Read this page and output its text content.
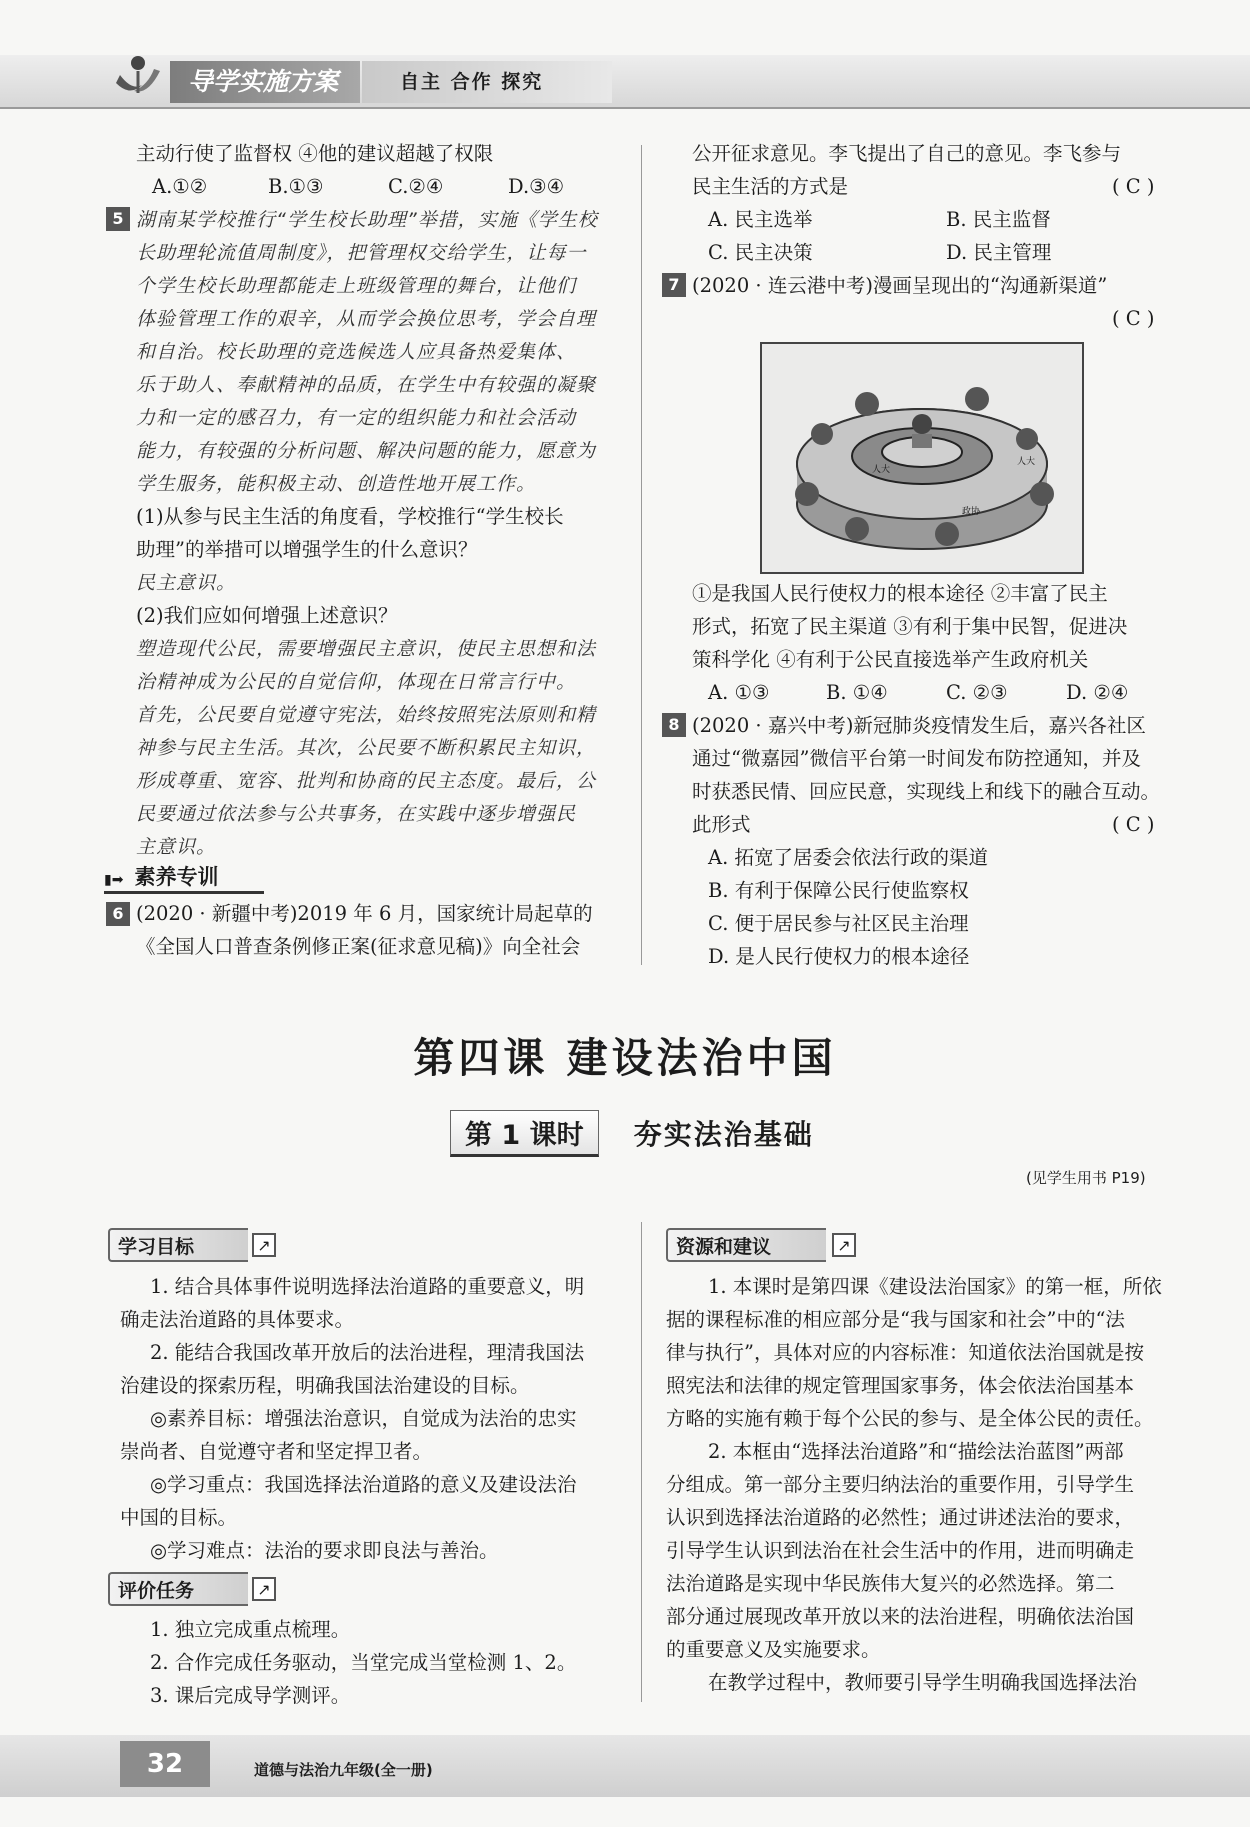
导学实施方案	自主 合作 探究
主动行使了监督权 ④他的建议超越了权限
A.①②	B.①③	C.②④	D.③④
5 湖南某学校推行“学生校长助理”举措，实施《学生校
长助理轮流值周制度》，把管理权交给学生，让每一
个学生校长助理都能走上班级管理的舞台，让他们
体验管理工作的艰辛，从而学会换位思考，学会自理
和自治。校长助理的竞选候选人应具备热爱集体、
乐于助人、奉献精神的品质，在学生中有较强的凝聚
力和一定的感召力，有一定的组织能力和社会活动
能力，有较强的分析问题、解决问题的能力，愿意为
学生服务，能积极主动、创造性地开展工作。
(1)从参与民主生活的角度看，学校推行“学生校长
助理”的举措可以增强学生的什么意识？
民主意识。
(2)我们应如何增强上述意识？
塑造现代公民，需要增强民主意识，使民主思想和法
治精神成为公民的自觉信仰，体现在日常言行中。
首先，公民要自觉遵守宪法，始终按照宪法原则和精
神参与民主生活。其次，公民要不断积累民主知识，
形成尊重、宽容、批判和协商的民主态度。最后，公
民要通过依法参与公共事务，在实践中逐步增强民
主意识。
▮➡ 素养专训
6 (2020 · 新疆中考)2019 年 6 月，国家统计局起草的
《全国人口普查条例修正案(征求意见稿)》向全社会
公开征求意见。李飞提出了自己的意见。李飞参与
民主生活的方式是	( C )
A. 民主选举	B. 民主监督
C. 民主决策	D. 民主管理
7 (2020 · 连云港中考)漫画呈现出的“沟通新渠道”
( C )
人大
政协
人大
①是我国人民行使权力的根本途径 ②丰富了民主
形式，拓宽了民主渠道 ③有利于集中民智，促进决
策科学化 ④有利于公民直接选举产生政府机关
A. ①③	B. ①④	C. ②③	D. ②④
8 (2020 · 嘉兴中考)新冠肺炎疫情发生后，嘉兴各社区
通过“微嘉园”微信平台第一时间发布防控通知，并及
时获悉民情、回应民意，实现线上和线下的融合互动。
此形式	( C )
A. 拓宽了居委会依法行政的渠道
B. 有利于保障公民行使监察权
C. 便于居民参与社区民主治理
D. 是人民行使权力的根本途径
第四课 建设法治中国
第 1 课时 夯实法治基础
(见学生用书 P19)
学习目标	↗
1. 结合具体事件说明选择法治道路的重要意义，明
确走法治道路的具体要求。
2. 能结合我国改革开放后的法治进程，理清我国法
治建设的探索历程，明确我国法治建设的目标。
◎素养目标：增强法治意识，自觉成为法治的忠实
崇尚者、自觉遵守者和坚定捍卫者。
◎学习重点：我国选择法治道路的意义及建设法治
中国的目标。
◎学习难点：法治的要求即良法与善治。
评价任务	↗
1. 独立完成重点梳理。
2. 合作完成任务驱动，当堂完成当堂检测 1、2。
3. 课后完成导学测评。
资源和建议	↗
1. 本课时是第四课《建设法治国家》的第一框，所依
据的课程标准的相应部分是“我与国家和社会”中的“法
律与执行”，具体对应的内容标准：知道依法治国就是按
照宪法和法律的规定管理国家事务，体会依法治国基本
方略的实施有赖于每个公民的参与、是全体公民的责任。
2. 本框由“选择法治道路”和“描绘法治蓝图”两部
分组成。第一部分主要归纳法治的重要作用，引导学生
认识到选择法治道路的必然性；通过讲述法治的要求，
引导学生认识到法治在社会生活中的作用，进而明确走
法治道路是实现中华民族伟大复兴的必然选择。第二
部分通过展现改革开放以来的法治进程，明确依法治国
的重要意义及实施要求。
在教学过程中，教师要引导学生明确我国选择法治
32	道德与法治九年级(全一册)
